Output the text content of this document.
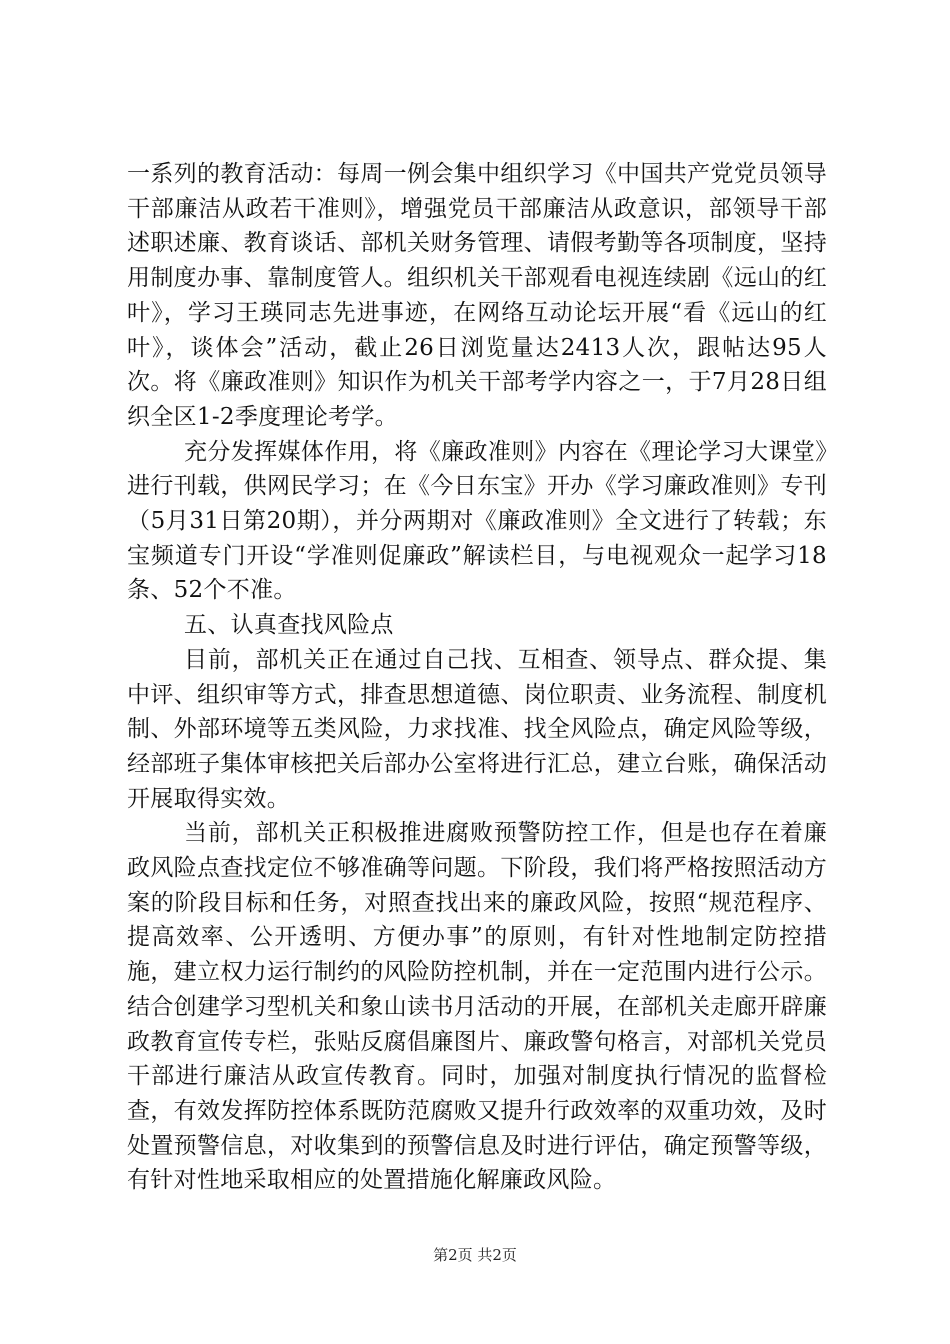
一系列的教育活动：每周一例会集中组织学习《中国共产党党员领导干部廉洁从政若干准则》，增强党员干部廉洁从政意识，部领导干部述职述廉、教育谈话、部机关财务管理、请假考勤等各项制度，坚持用制度办事、靠制度管人。组织机关干部观看电视连续剧《远山的红叶》，学习王瑛同志先进事迹，在网络互动论坛开展“看《远山的红叶》，谈体会”活动，截止26日浏览量达2413人次，跟帖达95人次。将《廉政准则》知识作为机关干部考学内容之一，于7月28日组织全区1-2季度理论考学。

充分发挥媒体作用，将《廉政准则》内容在《理论学习大课堂》进行刊载，供网民学习；在《今日东宝》开办《学习廉政准则》专刊（5月31日第20期），并分两期对《廉政准则》全文进行了转载；东宝频道专门开设“学准则促廉政”解读栏目，与电视观众一起学习18条、52个不准。

五、认真查找风险点

目前，部机关正在通过自己找、互相查、领导点、群众提、集中评、组织审等方式，排查思想道德、岗位职责、业务流程、制度机制、外部环境等五类风险，力求找准、找全风险点，确定风险等级，经部班子集体审核把关后部办公室将进行汇总，建立台账，确保活动开展取得实效。

当前，部机关正积极推进腐败预警防控工作，但是也存在着廉政风险点查找定位不够准确等问题。下阶段，我们将严格按照活动方案的阶段目标和任务，对照查找出来的廉政风险，按照“规范程序、提高效率、公开透明、方便办事”的原则，有针对性地制定防控措施，建立权力运行制约的风险防控机制，并在一定范围内进行公示。结合创建学习型机关和象山读书月活动的开展，在部机关走廊开辟廉政教育宣传专栏，张贴反腐倡廉图片、廉政警句格言，对部机关党员干部进行廉洁从政宣传教育。同时，加强对制度执行情况的监督检查，有效发挥防控体系既防范腐败又提升行政效率的双重功效，及时处置预警信息，对收集到的预警信息及时进行评估，确定预警等级，有针对性地采取相应的处置措施化解廉政风险。

第2页 共2页
